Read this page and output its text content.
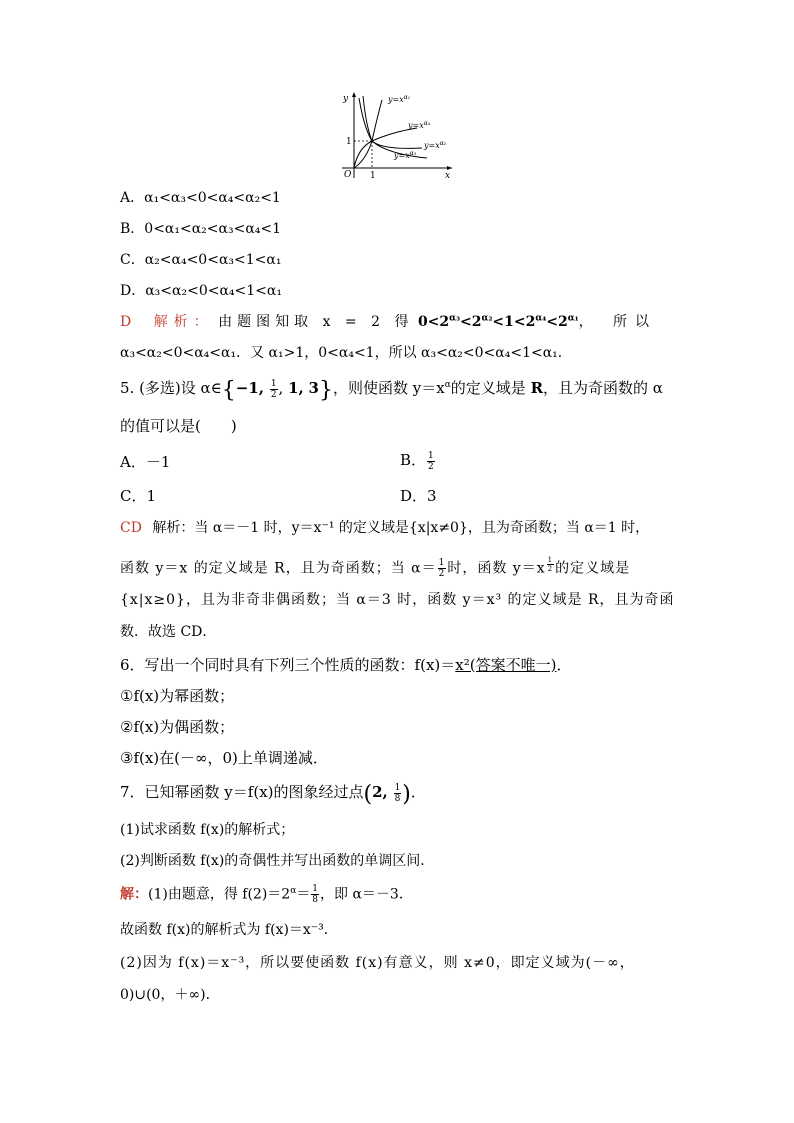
y
x
O 1
1
$y=x^{\alpha_1}$
$y=x^{\alpha_4}$
$y=x^{\alpha_2}$
$y=x^{\alpha_3}$
A．α₁<α₃<0<α₄<α₂<1
B．0<α₁<α₂<α₃<α₄<1
C．α₂<α₄<0<α₃<1<α₁
D．α₃<α₂<0<α₄<1<α₁
D 解析： 由题图知取 x = 2 得 $0<2^{\alpha_3}<2^{\alpha_2}<1<2^{\alpha_4}<2^{\alpha_1}$， 所以
α₃<α₂<0<α₄<α₁．又 α₁>1，0<α₄<1，所以 α₃<α₂<0<α₄<1<α₁．
5. (多选)设 α∈{−1, $\frac{1}{2}$ , 1, 3}，则使函数 $y=x^\alpha$的定义域是 R，且为奇函数的 α
的值可以是(　　)
A．－1	B． $\frac{1}{2}$
C．1	D．3
CD 解析：当 α＝－1 时，y＝x⁻¹ 的定义域是{x|x≠0}，且为奇函数；当 α＝1 时，
函数 y＝x 的定义域是 R，且为奇函数；当 $\alpha= \frac{1}{2}$ 时，函数 y＝x $^{\frac{1}{2}}$ 的定义域是
{x|x≥0}，且为非奇非偶函数；当 α＝3 时，函数 y＝x³ 的定义域是 R，且为奇函
数．故选 CD．
6．写出一个同时具有下列三个性质的函数：f(x)＝x²(答案不唯一)．
①f(x)为幂函数；
②f(x)为偶函数；
③f(x)在(－∞，0)上单调递减．
7．已知幂函数 y＝f(x)的图象经过点(2, $\frac{1}{8}$ )．
(1)试求函数 f(x)的解析式；
(2)判断函数 f(x)的奇偶性并写出函数的单调区间．
解：(1)由题意，得 $f(2)=2^\alpha= \frac{1}{8}$ ，即 α＝－3．
故函数 f(x)的解析式为 f(x)＝x⁻³．
(2)因为 f(x)＝x⁻³，所以要使函数 f(x)有意义，则 x≠0，即定义域为(－∞，
0)∪(0，＋∞)．
